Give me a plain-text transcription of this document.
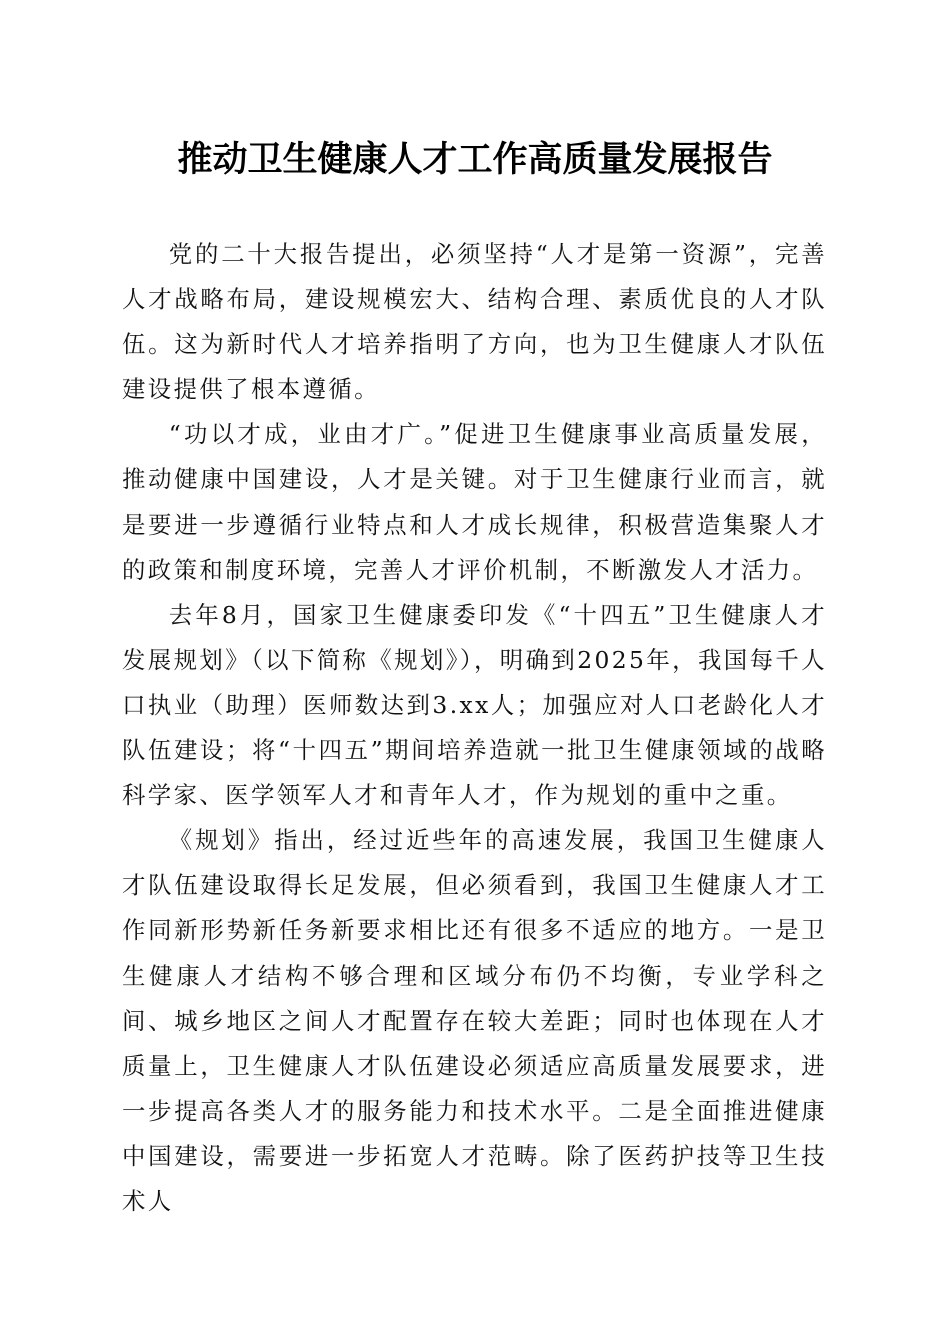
推动卫生健康人才工作高质量发展报告

党的二十大报告提出，必须坚持“人才是第一资源”，完善人才战略布局，建设规模宏大、结构合理、素质优良的人才队伍。这为新时代人才培养指明了方向，也为卫生健康人才队伍建设提供了根本遵循。

“功以才成，业由才广。”促进卫生健康事业高质量发展，推动健康中国建设，人才是关键。对于卫生健康行业而言，就是要进一步遵循行业特点和人才成长规律，积极营造集聚人才的政策和制度环境，完善人才评价机制，不断激发人才活力。

去年8月，国家卫生健康委印发《“十四五”卫生健康人才发展规划》（以下简称《规划》），明确到2025年，我国每千人口执业（助理）医师数达到3.xx人；加强应对人口老龄化人才队伍建设；将“十四五”期间培养造就一批卫生健康领域的战略科学家、医学领军人才和青年人才，作为规划的重中之重。

《规划》指出，经过近些年的高速发展，我国卫生健康人才队伍建设取得长足发展，但必须看到，我国卫生健康人才工作同新形势新任务新要求相比还有很多不适应的地方。一是卫生健康人才结构不够合理和区域分布仍不均衡，专业学科之间、城乡地区之间人才配置存在较大差距；同时也体现在人才质量上，卫生健康人才队伍建设必须适应高质量发展要求，进一步提高各类人才的服务能力和技术水平。二是全面推进健康中国建设，需要进一步拓宽人才范畴。除了医药护技等卫生技术人
